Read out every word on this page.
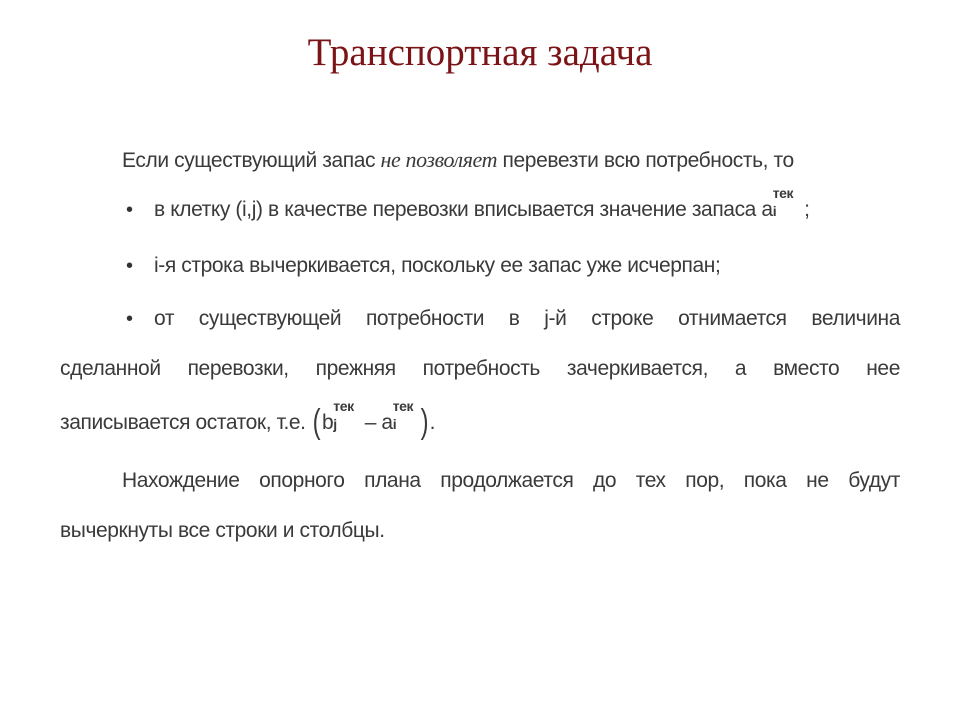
Транспортная задача
Если существующий запас не позволяет перевезти всю потребность, то
• в клетку (i,j) в качестве перевозки вписывается значение запаса a
тек
i ;
• i-я строка вычеркивается, поскольку ее запас уже исчерпан;
• от существующей потребности в j-й строке отнимается величина
сделанной перевозки, прежняя потребность зачеркивается, а вместо нее
записывается остаток, т.е. (b
тек
j – a
тек
i ).
Нахождение опорного плана продолжается до тех пор, пока не будут
вычеркнуты все строки и столбцы.
